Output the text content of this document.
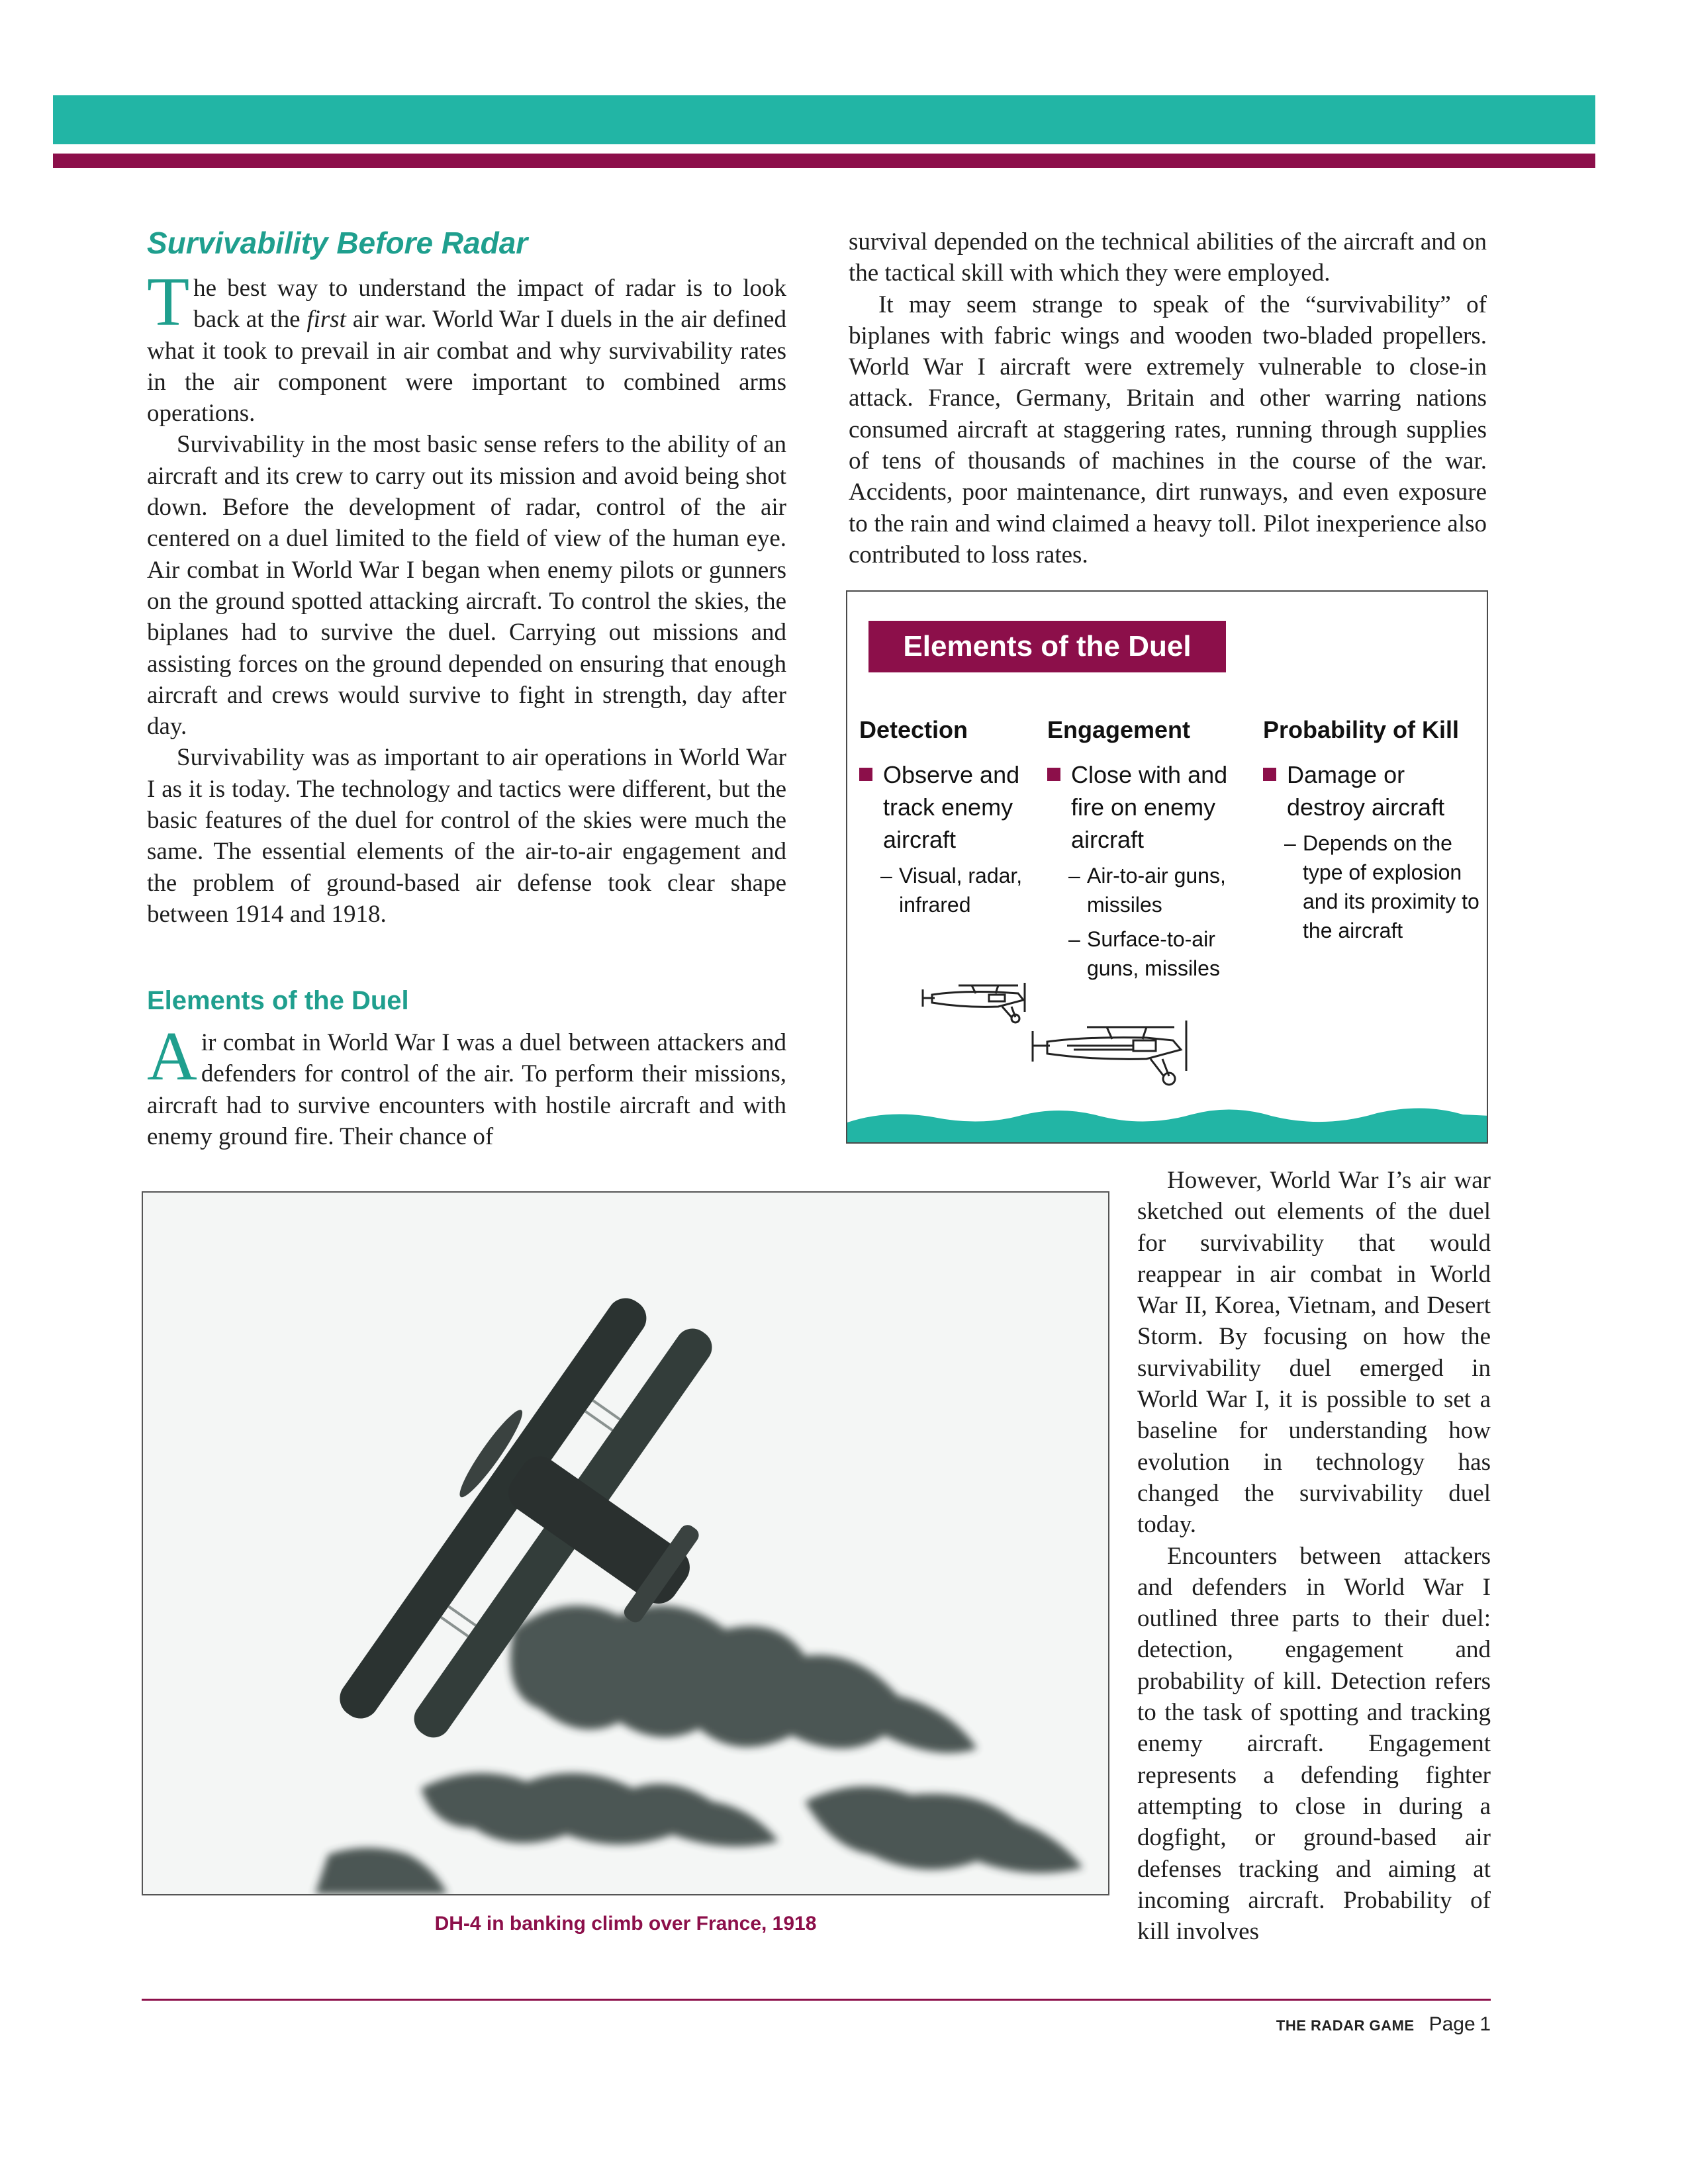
Survivability Before Radar

The best way to understand the impact of radar is to look back at the first air war. World War I duels in the air defined what it took to prevail in air combat and why survivability rates in the air component were important to combined arms operations.

Survivability in the most basic sense refers to the ability of an aircraft and its crew to carry out its mission and avoid being shot down. Before the development of radar, control of the air centered on a duel limited to the field of view of the human eye. Air combat in World War I began when enemy pilots or gunners on the ground spotted attacking aircraft. To control the skies, the biplanes had to survive the duel. Carrying out missions and assisting forces on the ground depended on ensuring that enough aircraft and crews would survive to fight in strength, day after day.

Survivability was as important to air operations in World War I as it is today. The technology and tactics were different, but the basic features of the duel for control of the skies were much the same. The essential elements of the air-to-air engagement and the problem of ground-based air defense took clear shape between 1914 and 1918.

Elements of the Duel

Air combat in World War I was a duel between attackers and defenders for control of the air. To perform their missions, aircraft had to survive encounters with hostile aircraft and with enemy ground fire. Their chance of

survival depended on the technical abilities of the aircraft and on the tactical skill with which they were employed.

It may seem strange to speak of the “survivability” of biplanes with fabric wings and wooden two-bladed propellers. World War I aircraft were extremely vulnerable to close-in attack. France, Germany, Britain and other warring nations consumed aircraft at staggering rates, running through supplies of tens of thousands of machines in the course of the war. Accidents, poor maintenance, dirt runways, and even exposure to the rain and wind claimed a heavy toll. Pilot inexperience also contributed to loss rates.

Elements of the Duel
Detection
Observe and track enemy aircraft
– Visual, radar, infrared
Engagement
Close with and fire on enemy aircraft
– Air-to-air guns, missiles
– Surface-to-air guns, missiles
Probability of Kill
Damage or destroy aircraft
– Depends on the type of explosion and its proximity to the aircraft

However, World War I’s air war sketched out elements of the duel for survivability that would reappear in air combat in World War II, Korea, Vietnam, and Desert Storm. By focusing on how the survivability duel emerged in World War I, it is possible to set a baseline for understanding how evolution in technology has changed the survivability duel today.

Encounters between attackers and defenders in World War I outlined three parts to their duel: detection, engagement and probability of kill. Detection refers to the task of spotting and tracking enemy aircraft. Engagement represents a defending fighter attempting to close in during a dogfight, or ground-based air defenses tracking and aiming at incoming aircraft. Probability of kill involves

DH-4 in banking climb over France, 1918
THE RADAR GAME Page 1
